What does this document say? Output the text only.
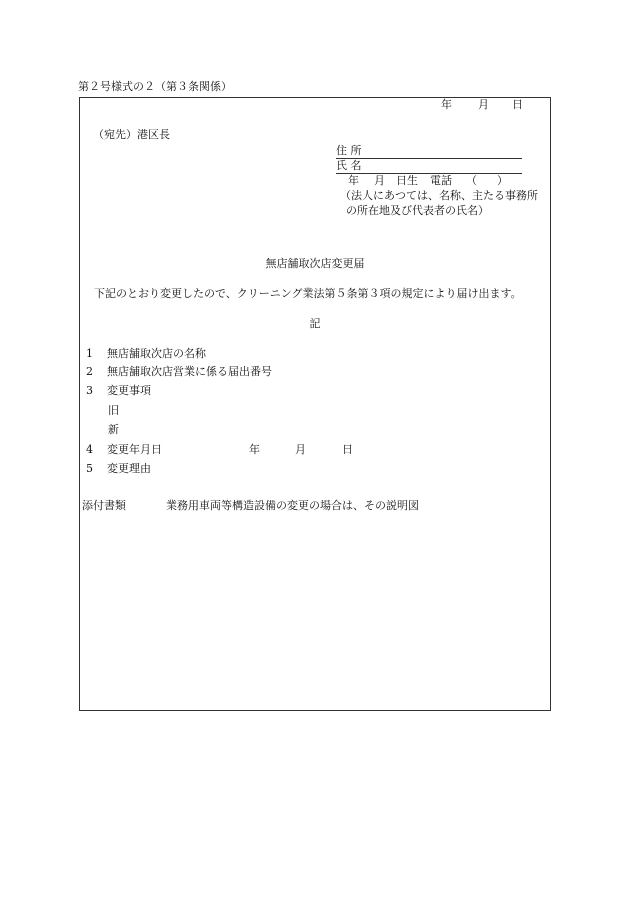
第２号様式の２（第３条関係）
年 月 日
（宛先）港区長
住 所
氏 名
年 月 日生 電話 （ ）
（法人にあつては、名称、主たる事務所
の所在地及び代表者の氏名）
無店舗取次店変更届
下記のとおり変更したので、クリーニング業法第５条第３項の規定により届け出ます。
記
1 無店舗取次店の名称
2 無店舗取次店営業に係る届出番号
3 変更事項
旧
新
4 変更年月日	年	月	日
5 変更理由
添付書類	業務用車両等構造設備の変更の場合は、その説明図
